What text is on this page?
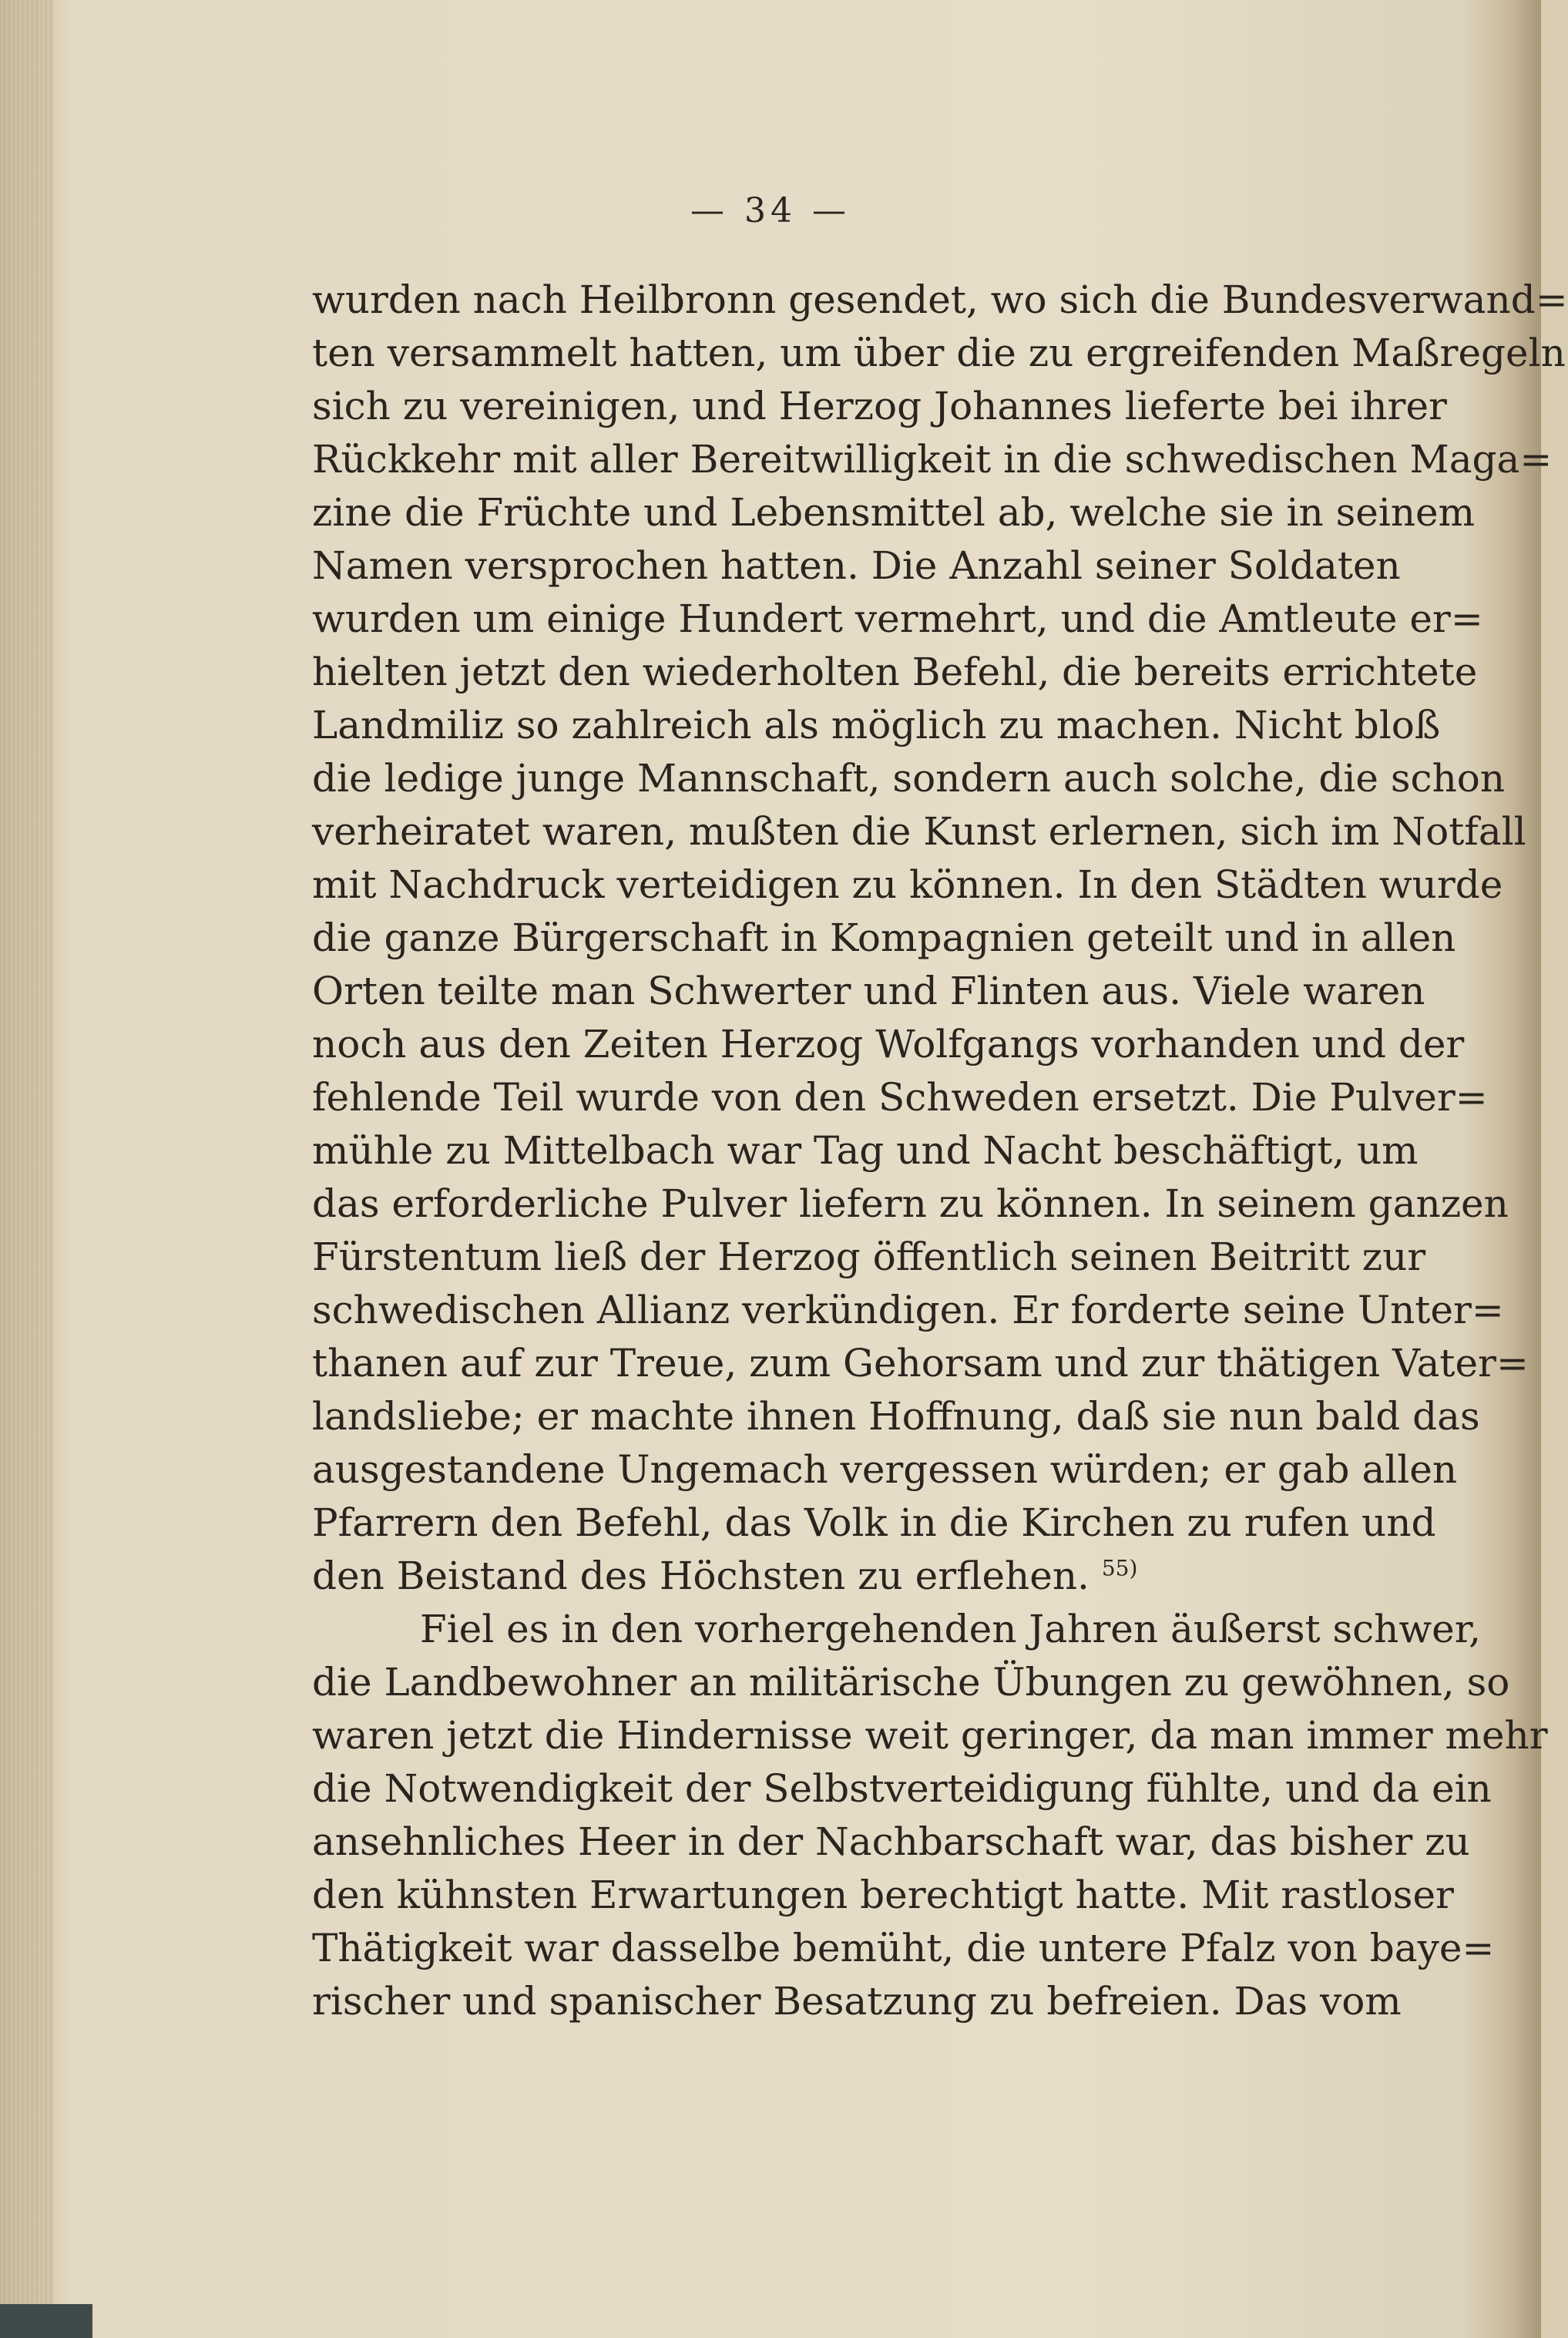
— 34 —
wurden nach Heilbronn gesendet, wo sich die Bundesverwand=
ten versammelt hatten, um über die zu ergreifenden Maßregeln
sich zu vereinigen, und Herzog Johannes lieferte bei ihrer
Rückkehr mit aller Bereitwilligkeit in die schwedischen Maga=
zine die Früchte und Lebensmittel ab, welche sie in seinem
Namen versprochen hatten. Die Anzahl seiner Soldaten
wurden um einige Hundert vermehrt, und die Amtleute er=
hielten jetzt den wiederholten Befehl, die bereits errichtete
Landmiliz so zahlreich als möglich zu machen. Nicht bloß
die ledige junge Mannschaft, sondern auch solche, die schon
verheiratet waren, mußten die Kunst erlernen, sich im Notfall
mit Nachdruck verteidigen zu können. In den Städten wurde
die ganze Bürgerschaft in Kompagnien geteilt und in allen
Orten teilte man Schwerter und Flinten aus. Viele waren
noch aus den Zeiten Herzog Wolfgangs vorhanden und der
fehlende Teil wurde von den Schweden ersetzt. Die Pulver=
mühle zu Mittelbach war Tag und Nacht beschäftigt, um
das erforderliche Pulver liefern zu können. In seinem ganzen
Fürstentum ließ der Herzog öffentlich seinen Beitritt zur
schwedischen Allianz verkündigen. Er forderte seine Unter=
thanen auf zur Treue, zum Gehorsam und zur thätigen Vater=
landsliebe; er machte ihnen Hoffnung, daß sie nun bald das
ausgestandene Ungemach vergessen würden; er gab allen
Pfarrern den Befehl, das Volk in die Kirchen zu rufen und
den Beistand des Höchsten zu erflehen. $^{55)}$
Fiel es in den vorhergehenden Jahren äußerst schwer,
die Landbewohner an militärische Übungen zu gewöhnen, so
waren jetzt die Hindernisse weit geringer, da man immer mehr
die Notwendigkeit der Selbstverteidigung fühlte, und da ein
ansehnliches Heer in der Nachbarschaft war, das bisher zu
den kühnsten Erwartungen berechtigt hatte. Mit rastloser
Thätigkeit war dasselbe bemüht, die untere Pfalz von baye=
rischer und spanischer Besatzung zu befreien. Das vom
